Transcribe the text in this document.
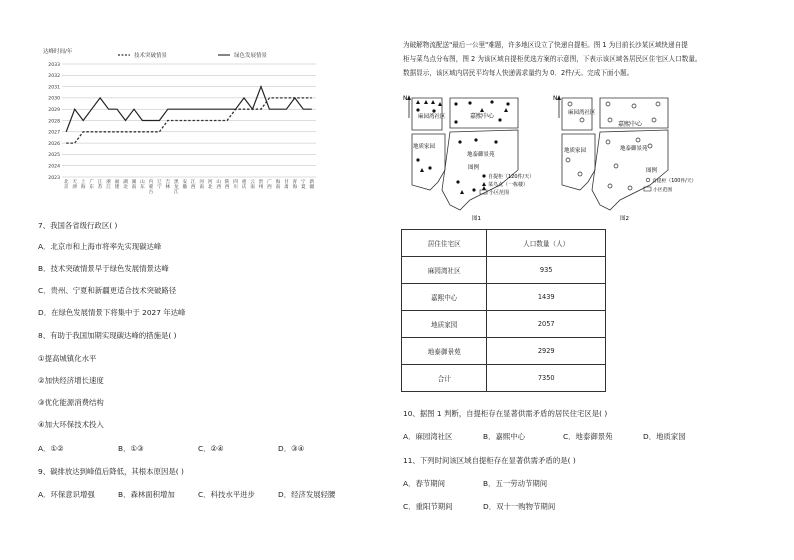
达峰时间/年
技术突破情景	绿色发展情景
2023
2024
2025
2026
2027
2028
2029
2030
2031
2032
2033
北京
天津
上海
广东
江苏
浙江
福建
湖北
湖南
山东
内蒙古
辽宁
吉林
黑龙江
安徽
江西
河南
河北
山西
陕西
四川
重庆
云南
贵州
广西
海南
甘肃
青海
宁夏
新疆
7、我国各省级行政区( )
A．北京市和上海市将率先实现碳达峰
B．技术突破情景早于绿色发展情景达峰
C．贵州、宁夏和新疆更适合技术突破路径
D．在绿色发展情景下将集中于 2027 年达峰
8、有助于我国加期实现碳达峰的措施是( )
①提高城镇化水平
②加快经济增长速度
③优化能源消费结构
④加大环保技术投入
A．①②	B．①③	C．②④	D．③④
9、碳排放达到峰值后降低，其根本原因是( )
A．环保意识增强	B．森林面积增加	C．科技水平进步	D．经济发展轻腰
为破解物流配送"最后一公里"难题，许多地区设立了快递自提柜。图 1 为目前长沙某区域快递自提
柜与菜鸟点分布图，图 2 为该区域自提柜优选方案的示意图，下表示该区域各居民区住宅区人口数量。
数据显示，该区域内居民平均每人快递需求量约为 0．2件/天。完成下面小题。
N
麻园湾社区	嘉熙中心
地质家园
地泰御景苑
图例
自提柜（120件/天）
菜鸟点（一栋楼）
小区范围
图1
N
麻园湾社区
嘉熙中心
地质家园	地泰御景苑
图例
自提柜（100件/天）
小区范围
图2
居住住宅区	人口数量（人）
麻园湾社区	935
嘉熙中心	1439
地质家园	2057
地泰御景苑	2929
合计	7350
10、据图 1 判断，自提柜存在显著供需矛盾的居民住宅区是( )
A．麻园湾社区	B．嘉熙中心	C．地泰御景苑	D．地质家园
11、下列时间该区域自提柜存在显著供需矛盾的是( )
A．春节期间	B．五一劳动节期间
C．重阳节期间	D．双十一购物节期间
